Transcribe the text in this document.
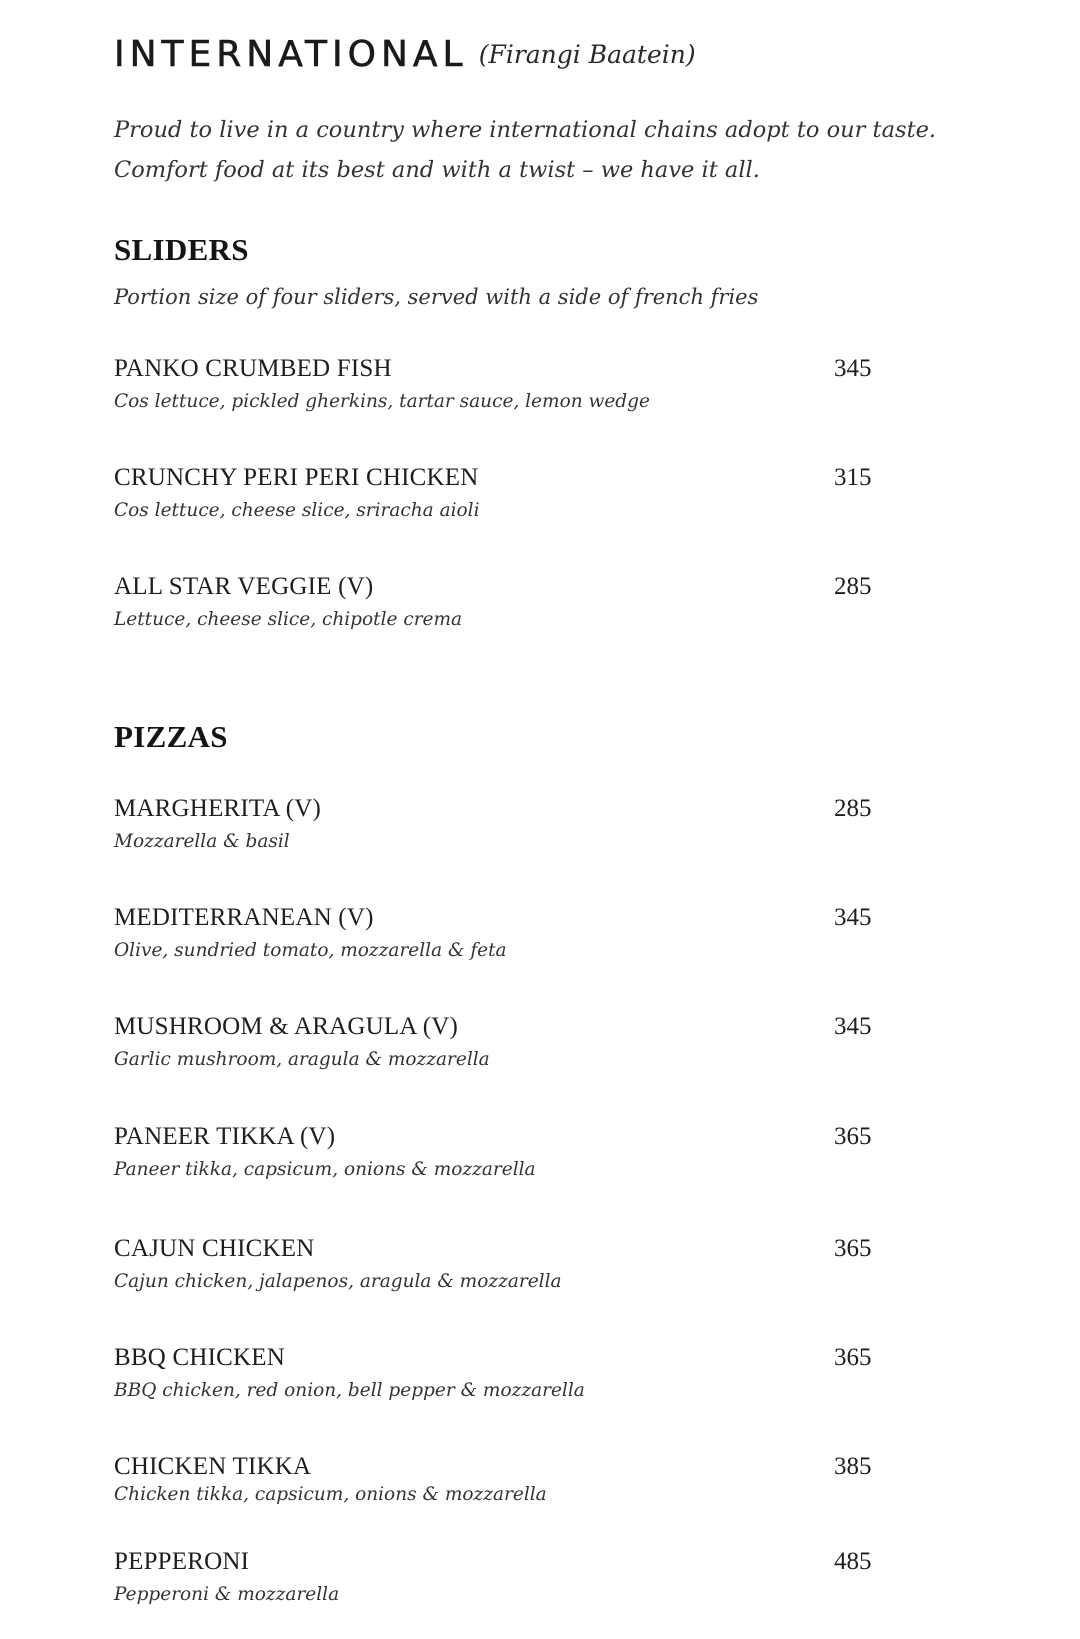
INTERNATIONAL (Firangi Baatein)
Proud to live in a country where international chains adopt to our taste.
Comfort food at its best and with a twist – we have it all.
SLIDERS
Portion size of four sliders, served with a side of french fries
PANKO CRUMBED FISH	345
Cos lettuce, pickled gherkins, tartar sauce, lemon wedge
CRUNCHY PERI PERI CHICKEN	315
Cos lettuce, cheese slice, sriracha aioli
ALL STAR VEGGIE (V)	285
Lettuce, cheese slice, chipotle crema
PIZZAS
MARGHERITA (V)	285
Mozzarella & basil
MEDITERRANEAN (V)	345
Olive, sundried tomato, mozzarella & feta
MUSHROOM & ARAGULA (V)	345
Garlic mushroom, aragula & mozzarella
PANEER TIKKA (V)	365
Paneer tikka, capsicum, onions & mozzarella
CAJUN CHICKEN	365
Cajun chicken, jalapenos, aragula & mozzarella
BBQ CHICKEN	365
BBQ chicken, red onion, bell pepper & mozzarella
CHICKEN TIKKA	385
Chicken tikka, capsicum, onions & mozzarella
PEPPERONI	485
Pepperoni & mozzarella
